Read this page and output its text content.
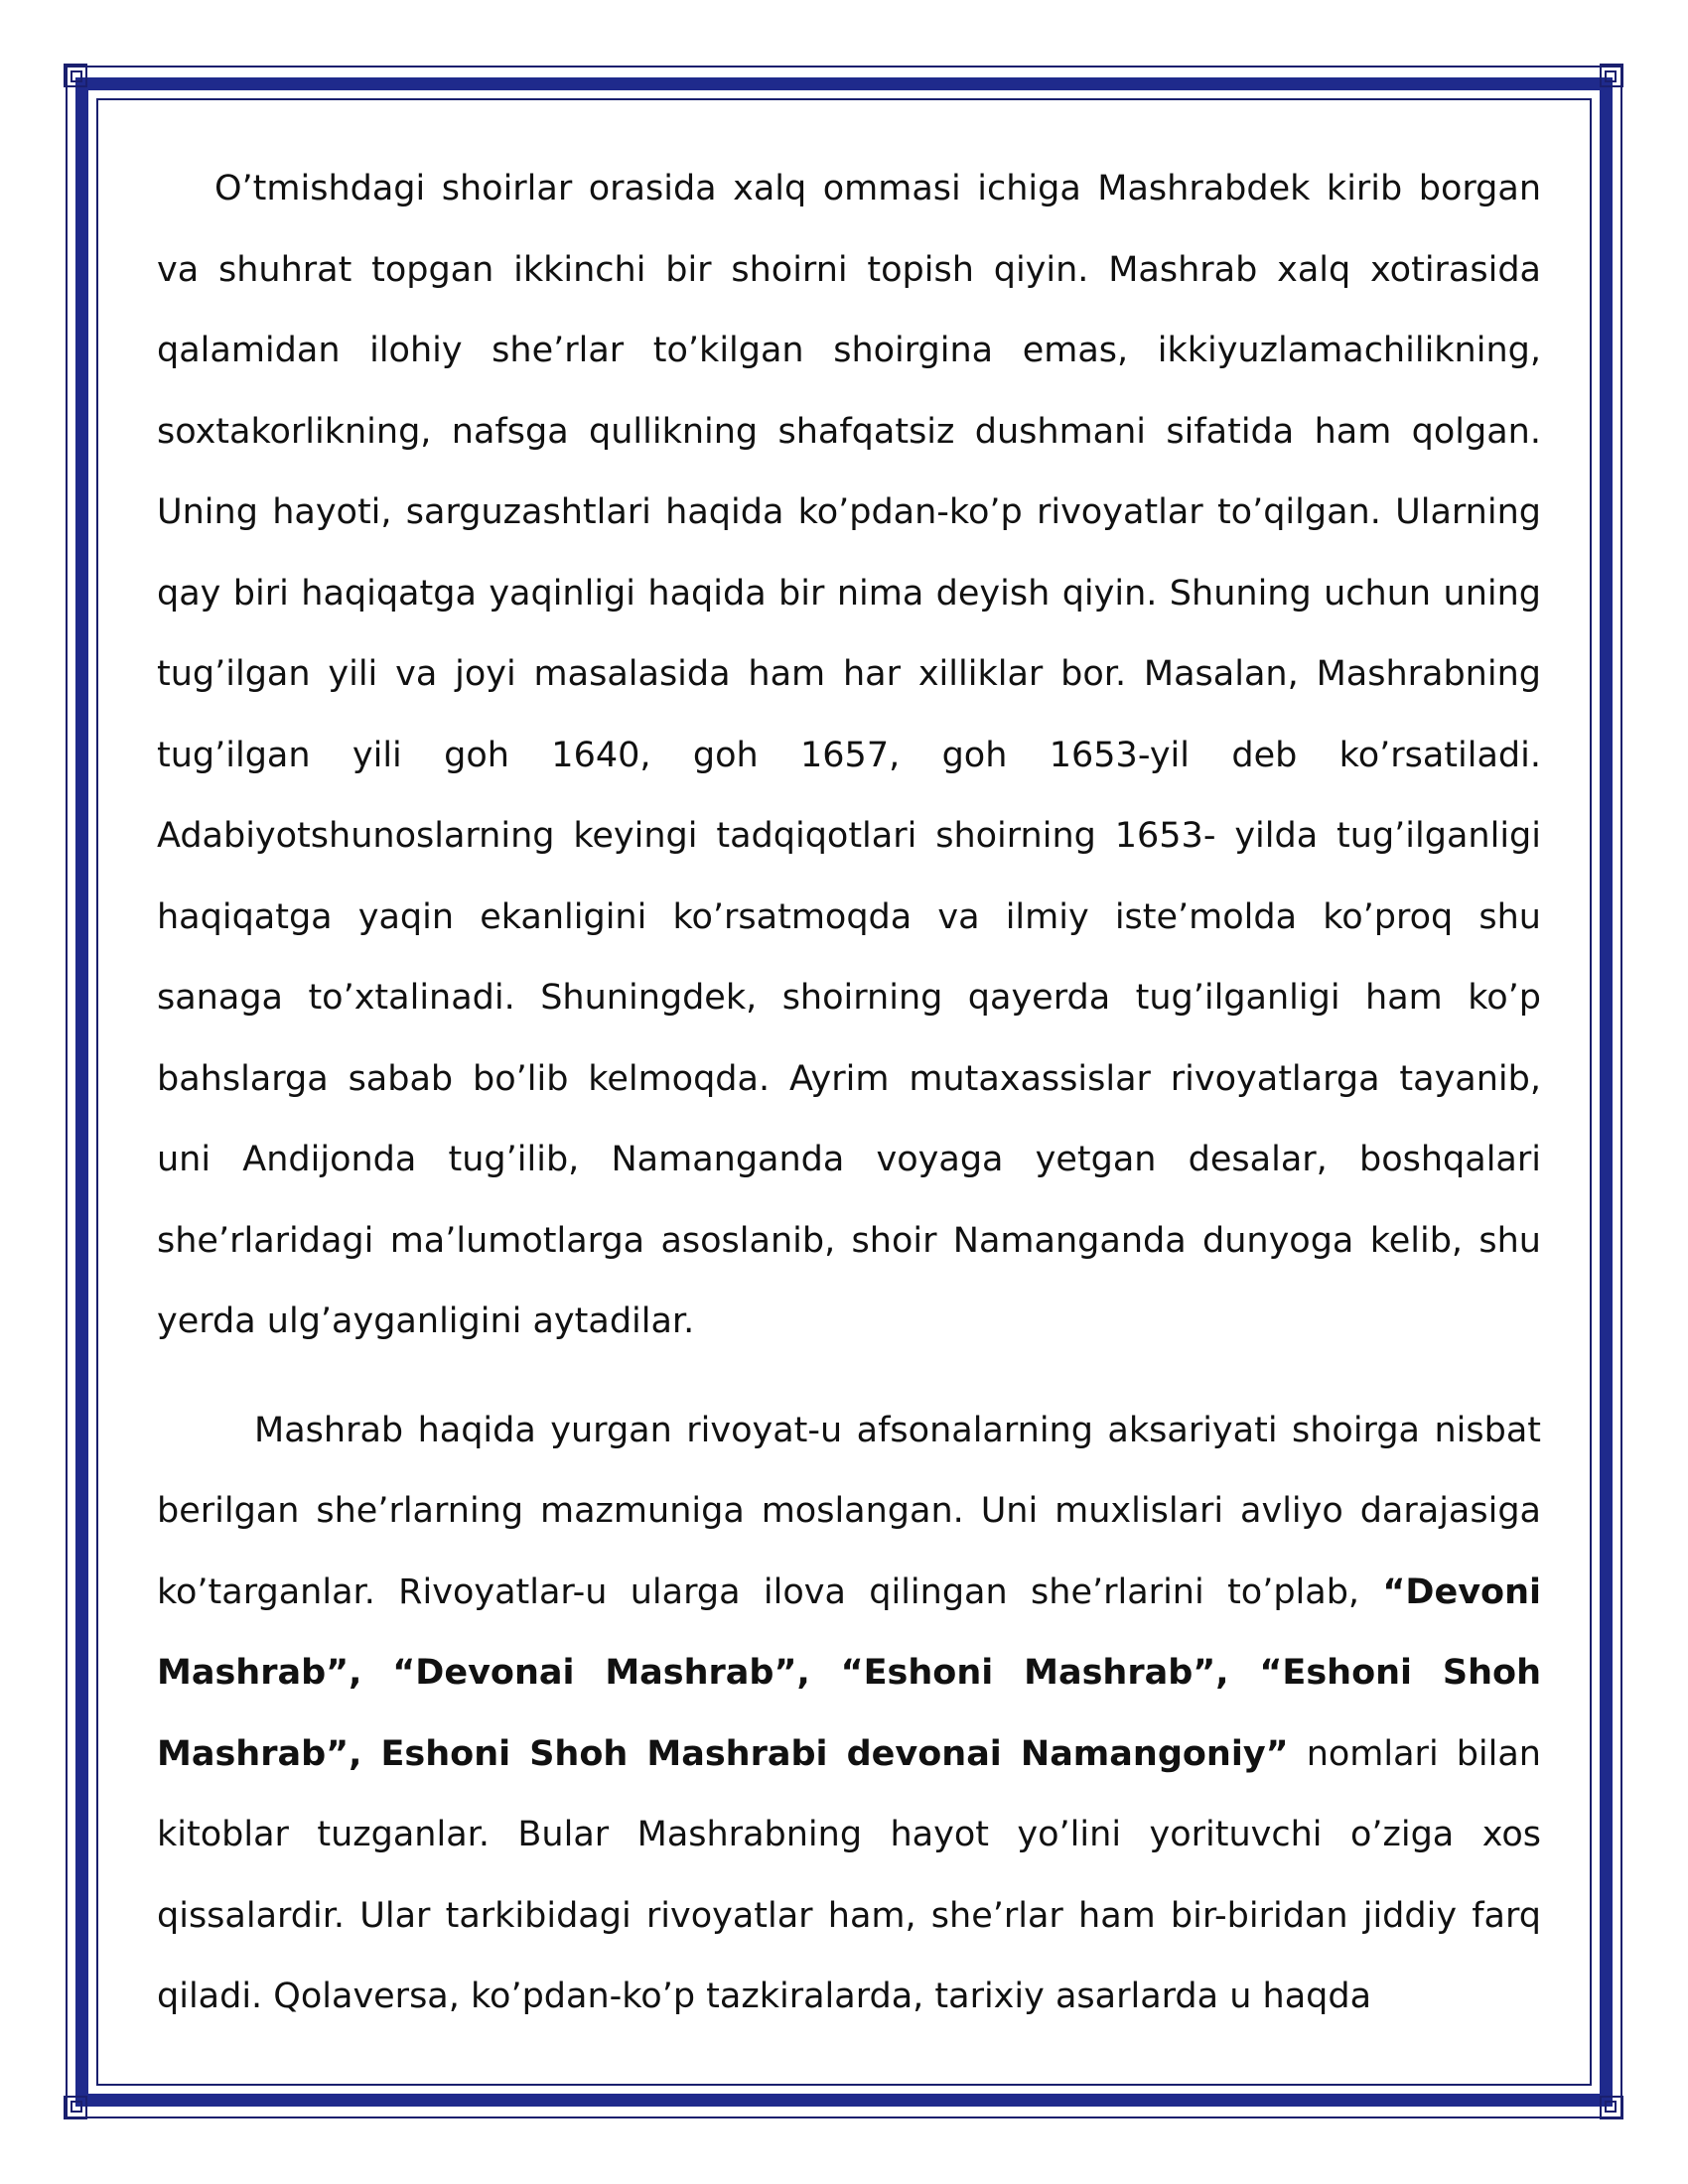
O’tmishdagi shoirlar orasida xalq ommasi ichiga Mashrabdek kirib borgan va shuhrat topgan ikkinchi bir shoirni topish qiyin. Mashrab xalq xotirasida qalamidan ilohiy she’rlar to’kilgan shoirgina emas, ikkiyuzlamachilikning, soxtakorlikning, nafsga qullikning shafqatsiz dushmani sifatida ham qolgan. Uning hayoti, sarguzashtlari haqida ko’pdan-ko’p rivoyatlar to’qilgan. Ularning qay biri haqiqatga yaqinligi haqida bir nima deyish qiyin. Shuning uchun uning tug’ilgan yili va joyi masalasida ham har xilliklar bor. Masalan, Mashrabning tug’ilgan yili goh 1640, goh 1657, goh 1653-yil deb ko’rsatiladi. Adabiyotshunoslarning keyingi tadqiqotlari shoirning 1653- yilda tug’ilganligi haqiqatga yaqin ekanligini ko’rsatmoqda va ilmiy iste’molda ko’proq shu sanaga to’xtalinadi. Shuningdek, shoirning qayerda tug’ilganligi ham ko’p bahslarga sabab bo’lib kelmoqda. Ayrim mutaxassislar rivoyatlarga tayanib, uni Andijonda tug’ilib, Namanganda voyaga yetgan desalar, boshqalari she’rlaridagi ma’lumotlarga asoslanib, shoir Namanganda dunyoga kelib, shu yerda ulg’ayganligini aytadilar.

Mashrab haqida yurgan rivoyat-u afsonalarning aksariyati shoirga nisbat berilgan she’rlarning mazmuniga moslangan. Uni muxlislari avliyo darajasiga ko’targanlar. Rivoyatlar-u ularga ilova qilingan she’rlarini to’plab, “Devoni Mashrab”, “Devonai Mashrab”, “Eshoni Mashrab”, “Eshoni Shoh Mashrab”, Eshoni Shoh Mashrabi devonai Namangoniy” nomlari bilan kitoblar tuzganlar. Bular Mashrabning hayot yo’lini yorituvchi o’ziga xos qissalardir. Ular tarkibidagi rivoyatlar ham, she’rlar ham bir-biridan jiddiy farq qiladi. Qolaversa, ko’pdan-ko’p tazkiralarda, tarixiy asarlarda u haqda
